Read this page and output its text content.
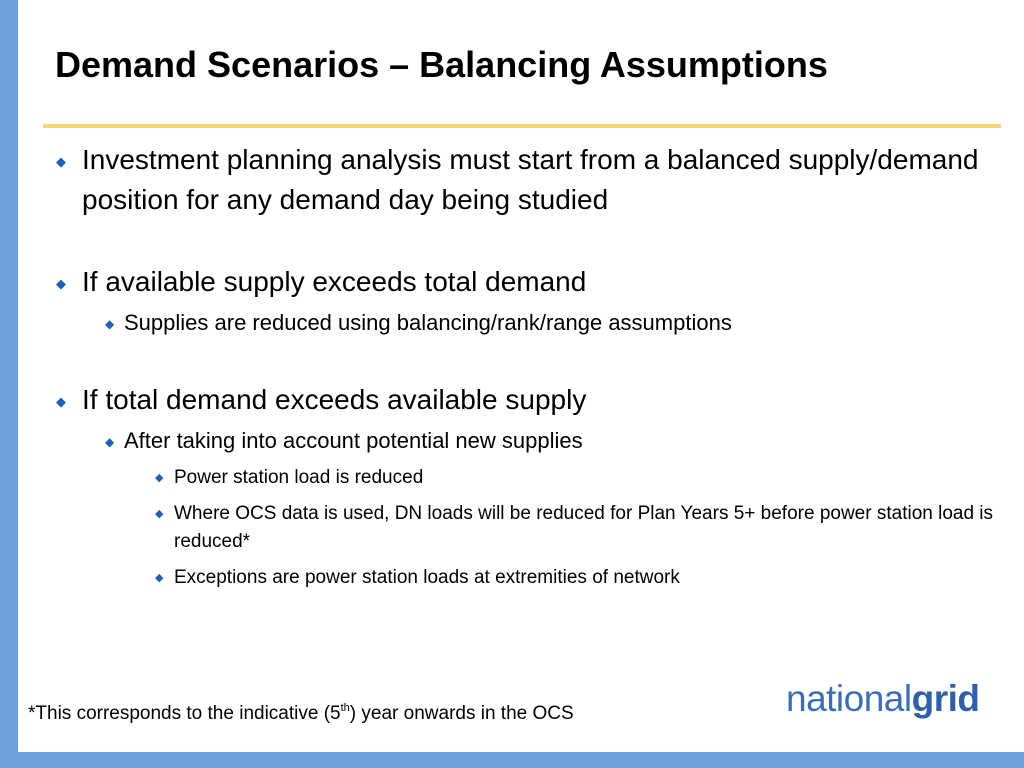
Demand Scenarios – Balancing Assumptions
◆ Investment planning analysis must start from a balanced supply/demand position for any demand day being studied
◆ If available supply exceeds total demand
◆ Supplies are reduced using balancing/rank/range assumptions
◆ If total demand exceeds available supply
◆ After taking into account potential new supplies
◆ Power station load is reduced
◆ Where OCS data is used, DN loads will be reduced for Plan Years 5+ before power station load is reduced*
◆ Exceptions are power station loads at extremities of network
*This corresponds to the indicative (5th) year onwards in the OCS	nationalgrid
